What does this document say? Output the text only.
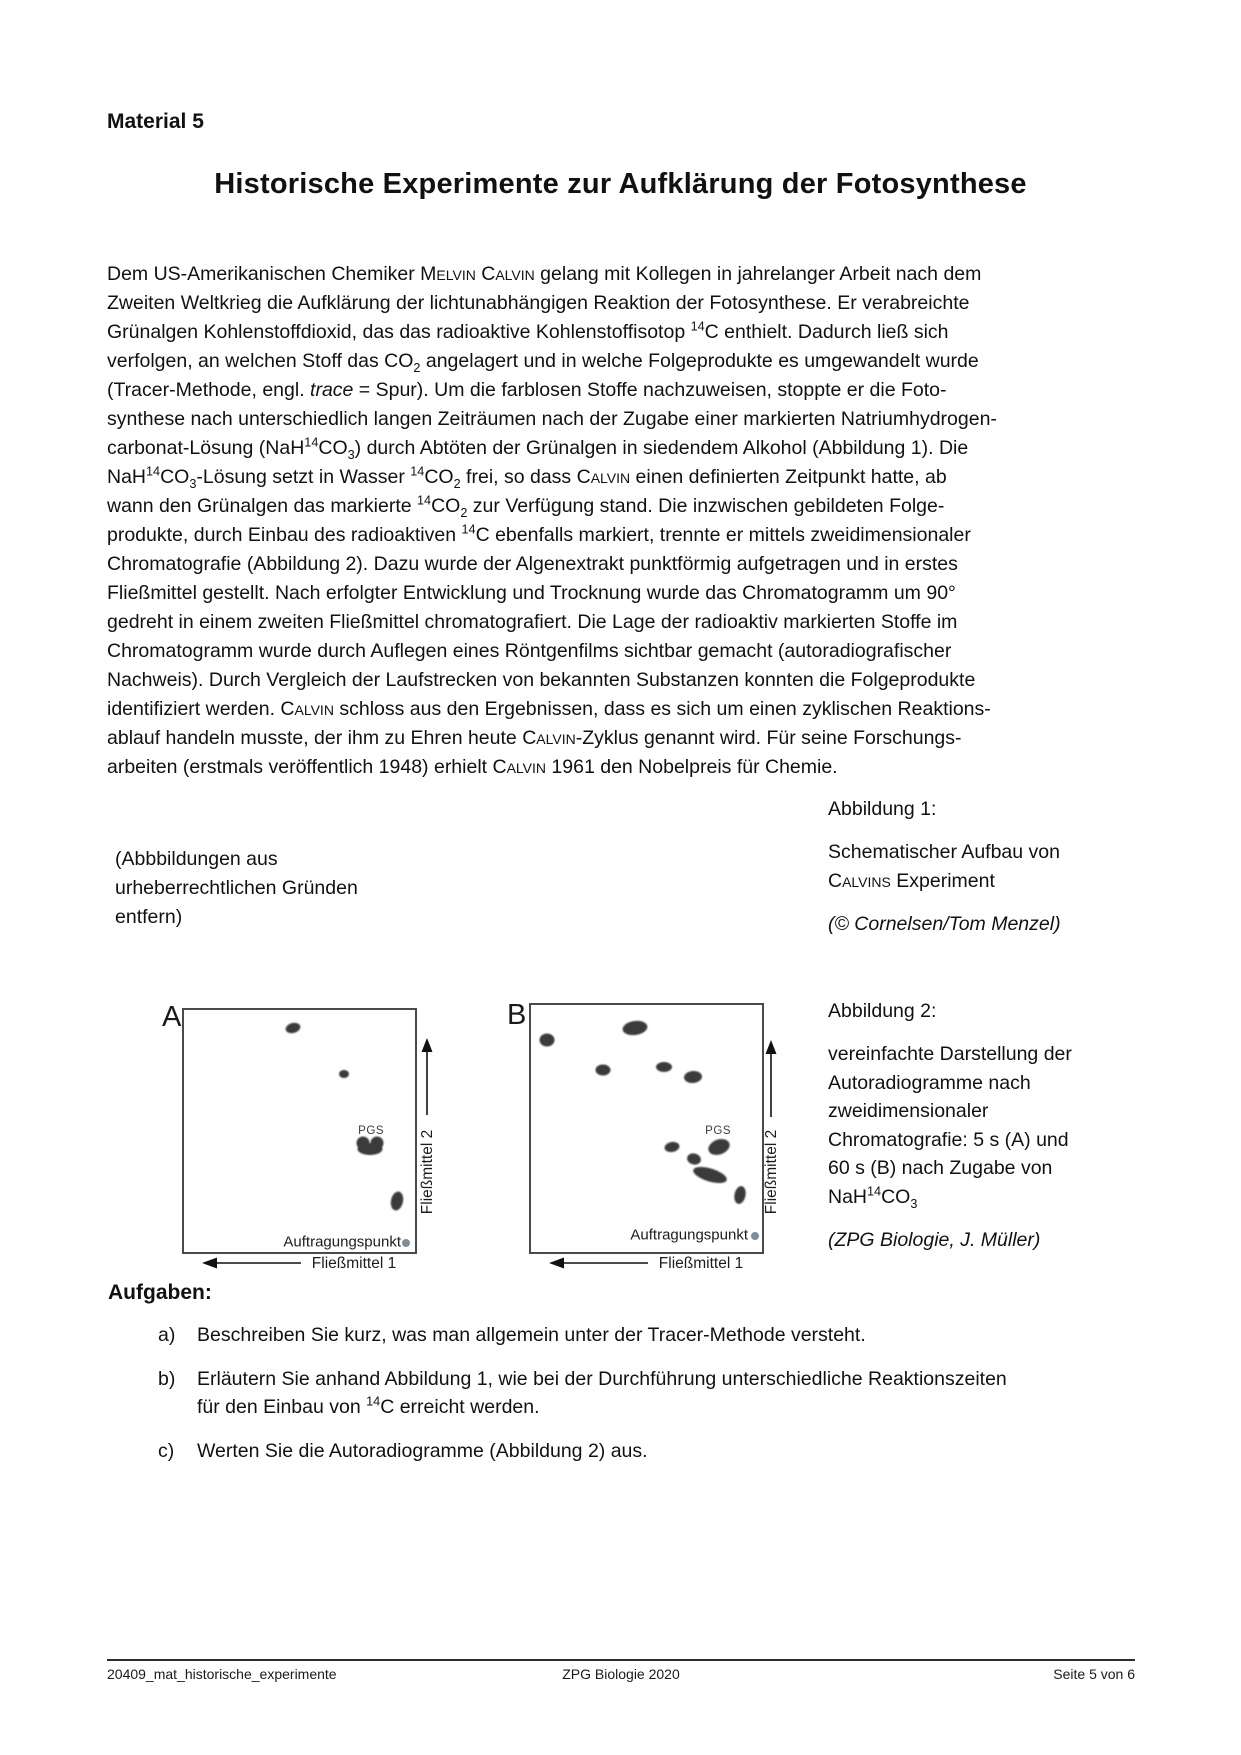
Material 5
Historische Experimente zur Aufklärung der Fotosynthese
Dem US-Amerikanischen Chemiker Melvin Calvin gelang mit Kollegen in jahrelanger Arbeit nach dem
Zweiten Weltkrieg die Aufklärung der lichtunabhängigen Reaktion der Fotosynthese. Er verabreichte
Grünalgen Kohlenstoffdioxid, das das radioaktive Kohlenstoffisotop $^{14}$C enthielt. Dadurch ließ sich
verfolgen, an welchen Stoff das $CO_2$ angelagert und in welche Folgeprodukte es umgewandelt wurde
(Tracer-Methode, engl. trace = Spur). Um die farblosen Stoffe nachzuweisen, stoppte er die Foto-
synthese nach unterschiedlich langen Zeiträumen nach der Zugabe einer markierten Natriumhydrogen-
carbonat-Lösung $(NaH^{14}CO_3)$ durch Abtöten der Grünalgen in siedendem Alkohol (Abbildung 1). Die
$NaH^{14}CO_3$-Lösung setzt in Wasser $^{14}CO_2$ frei, so dass Calvin einen definierten Zeitpunkt hatte, ab
wann den Grünalgen das markierte $^{14}CO_2$ zur Verfügung stand. Die inzwischen gebildeten Folge-
produkte, durch Einbau des radioaktiven $^{14}$C ebenfalls markiert, trennte er mittels zweidimensionaler
Chromatografie (Abbildung 2). Dazu wurde der Algenextrakt punktförmig aufgetragen und in erstes
Fließmittel gestellt. Nach erfolgter Entwicklung und Trocknung wurde das Chromatogramm um 90°
gedreht in einem zweiten Fließmittel chromatografiert. Die Lage der radioaktiv markierten Stoffe im
Chromatogramm wurde durch Auflegen eines Röntgenfilms sichtbar gemacht (autoradiografischer
Nachweis). Durch Vergleich der Laufstrecken von bekannten Substanzen konnten die Folgeprodukte
identifiziert werden. Calvin schloss aus den Ergebnissen, dass es sich um einen zyklischen Reaktions-
ablauf handeln musste, der ihm zu Ehren heute Calvin-Zyklus genannt wird. Für seine Forschungs-
arbeiten (erstmals veröffentlich 1948) erhielt Calvin 1961 den Nobelpreis für Chemie.
(Abbbildungen aus
urheberrechtlichen Gründen
entfern)
Abbildung 1:
Schematischer Aufbau von
Calvins Experiment
(© Cornelsen/Tom Menzel)
A
PGS
Auftragungspunkt
Fließmittel 2
Fließmittel 1
B
PGS
Auftragungspunkt
Fließmittel 2
Fließmittel 1
Abbildung 2:
vereinfachte Darstellung der
Autoradiogramme nach
zweidimensionaler
Chromatografie: 5 s (A) und
60 s (B) nach Zugabe von
$NaH^{14}CO_3$
(ZPG Biologie, J. Müller)
Aufgaben:
a)	Beschreiben Sie kurz, was man allgemein unter der Tracer-Methode versteht.
b)	Erläutern Sie anhand Abbildung 1, wie bei der Durchführung unterschiedliche Reaktionszeiten
für den Einbau von $^{14}$C erreicht werden.
c)	Werten Sie die Autoradiogramme (Abbildung 2) aus.
20409_mat_historische_experimente	ZPG Biologie 2020	Seite 5 von 6
